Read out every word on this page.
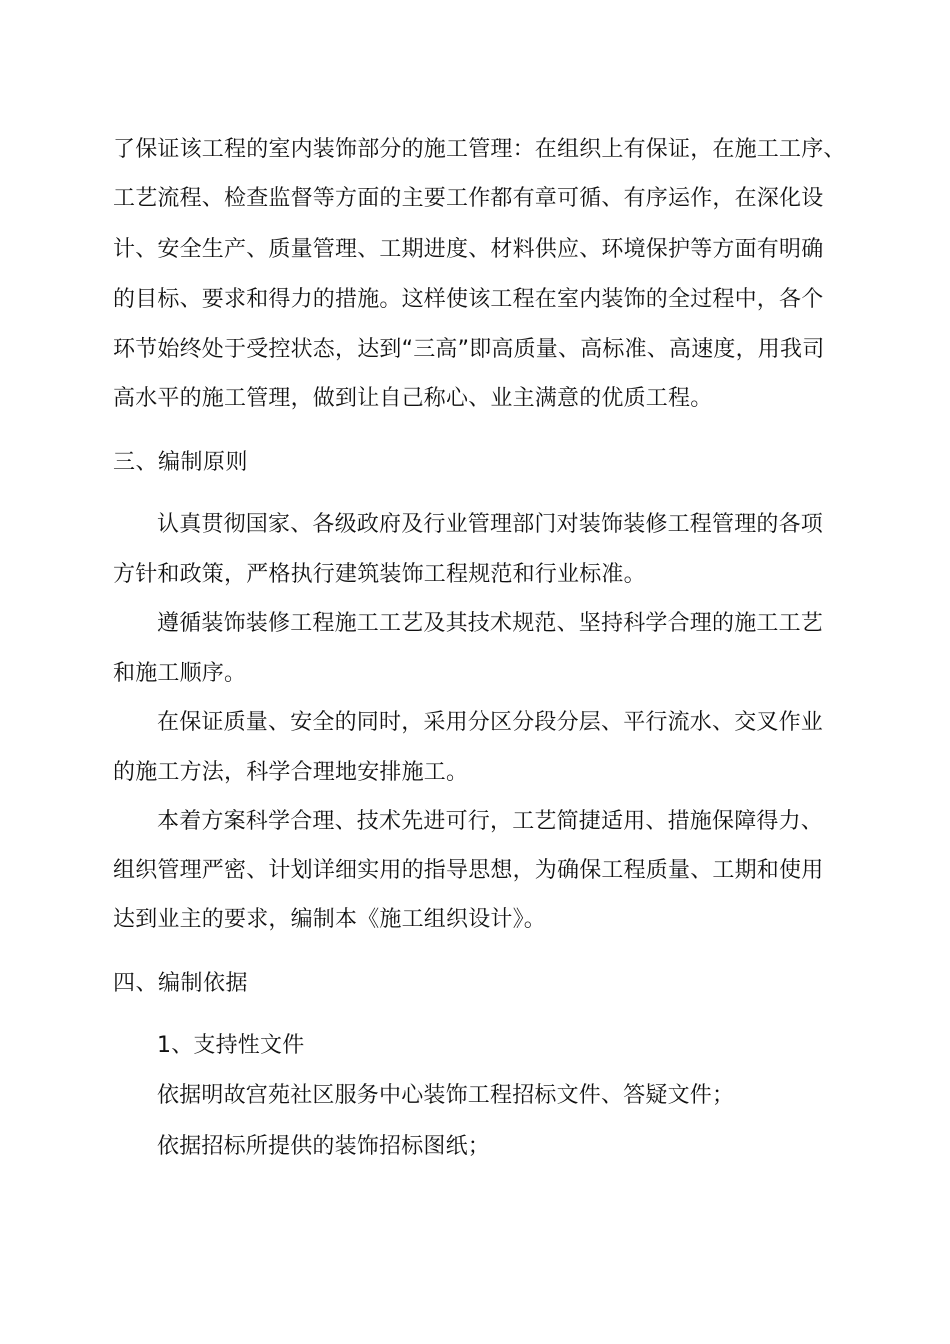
了保证该工程的室内装饰部分的施工管理：在组织上有保证，在施工工序、
工艺流程、检查监督等方面的主要工作都有章可循、有序运作，在深化设
计、安全生产、质量管理、工期进度、材料供应、环境保护等方面有明确
的目标、要求和得力的措施。这样使该工程在室内装饰的全过程中，各个
环节始终处于受控状态，达到“三高”即高质量、高标准、高速度，用我司
高水平的施工管理，做到让自己称心、业主满意的优质工程。
三、编制原则
认真贯彻国家、各级政府及行业管理部门对装饰装修工程管理的各项
方针和政策，严格执行建筑装饰工程规范和行业标准。
遵循装饰装修工程施工工艺及其技术规范、坚持科学合理的施工工艺
和施工顺序。
在保证质量、安全的同时，采用分区分段分层、平行流水、交叉作业
的施工方法，科学合理地安排施工。
本着方案科学合理、技术先进可行，工艺简捷适用、措施保障得力、
组织管理严密、计划详细实用的指导思想，为确保工程质量、工期和使用
达到业主的要求，编制本《施工组织设计》。
四、编制依据
1、支持性文件
依据明故宫苑社区服务中心装饰工程招标文件、答疑文件；
依据招标所提供的装饰招标图纸；
